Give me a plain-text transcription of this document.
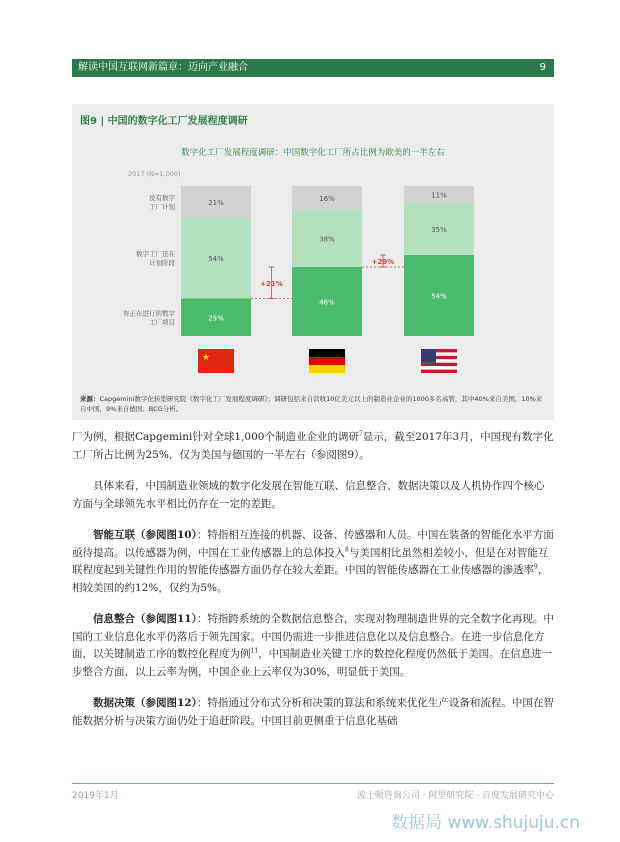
解读中国互联网新篇章：迈向产业融合	9
图9 | 中国的数字化工厂发展程度调研
数字化工厂发展程度调研：中国数字化工厂所占比例为欧美的一半左右
2017 (N≈1,000)
25%
54%
21%
46%
38%
16%
54%
35%
11%
没有数字工厂计划
数字工厂还在计划阶段
有正在进行的数字工厂项目
+21%
+29%
★
来源：Capgemini数字化转型研究院《数字化工厂发展程度调研》；调研包括来自营收10亿美元以上的制造业企业的1000多名高管，其中40%来自美国，10%来自中国，9%来自德国；BCG分析。

厂为例，根据Capgemini针对全球1,000个制造业企业的调研$^7$显示，截至2017年3月，中国现有数字化工厂所占比例为25%，仅为美国与德国的一半左右（参阅图9）。

具体来看，中国制造业领域的数字化发展在智能互联、信息整合、数据决策以及人机协作四个核心方面与全球领先水平相比仍存在一定的差距。

智能互联（参阅图10）：特指相互连接的机器、设备、传感器和人员。中国在装备的智能化水平方面亟待提高。以传感器为例，中国在工业传感器上的总体投入$^8$与美国相比虽然相差较小，但是在对智能互联程度起到关键性作用的智能传感器方面仍存在较大差距。中国的智能传感器在工业传感器的渗透率$^9$，相较美国的约12%，仅约为5%。

信息整合（参阅图11）：特指跨系统的全数据信息整合，实现对物理制造世界的完全数字化再现。中国的工业信息化水平仍落后于领先国家。中国仍需进一步推进信息化以及信息整合。在进一步信息化方面，以关键制造工序的数控化程度为例$^{11}$，中国制造业关键工序的数控化程度仍然低于美国。在信息进一步整合方面，以上云率为例，中国企业上云率仅为30%，明显低于美国。

数据决策（参阅图12）：特指通过分布式分析和决策的算法和系统来优化生产设备和流程。中国在智能数据分析与决策方面仍处于追赶阶段。中国目前更侧重于信息化基础

2019年1月	波士顿咨询公司 · 阿里研究院 · 百度发展研究中心
数据局 www.shujuju.cn
